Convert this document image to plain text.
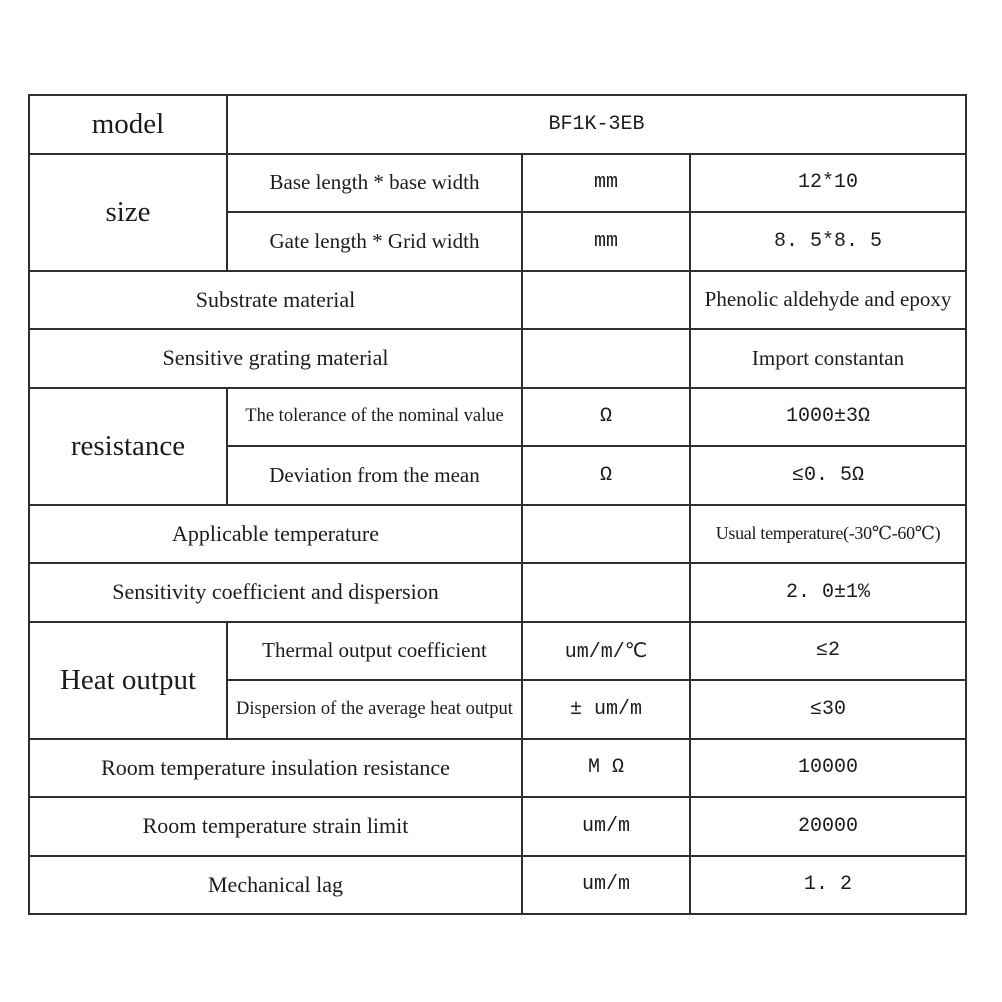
model	BF1K-3EB		
size	Base length * base width	mm	12*10
	Gate length * Grid width	mm	8. 5*8. 5
Substrate material			Phenolic aldehyde and epoxy
Sensitive grating material			Import constantan
resistance	The tolerance of the nominal value	Ω	1000±3Ω
	Deviation from the mean	Ω	≤0. 5Ω
Applicable temperature			Usual temperature(-30℃-60℃)
Sensitivity coefficient and dispersion			2. 0±1%
Heat output	Thermal output coefficient	um/m/℃	≤2
	Dispersion of the average heat output	± um/m	≤30
Room temperature insulation resistance		M Ω	10000
Room temperature strain limit		um/m	20000
Mechanical lag		um/m	1. 2
